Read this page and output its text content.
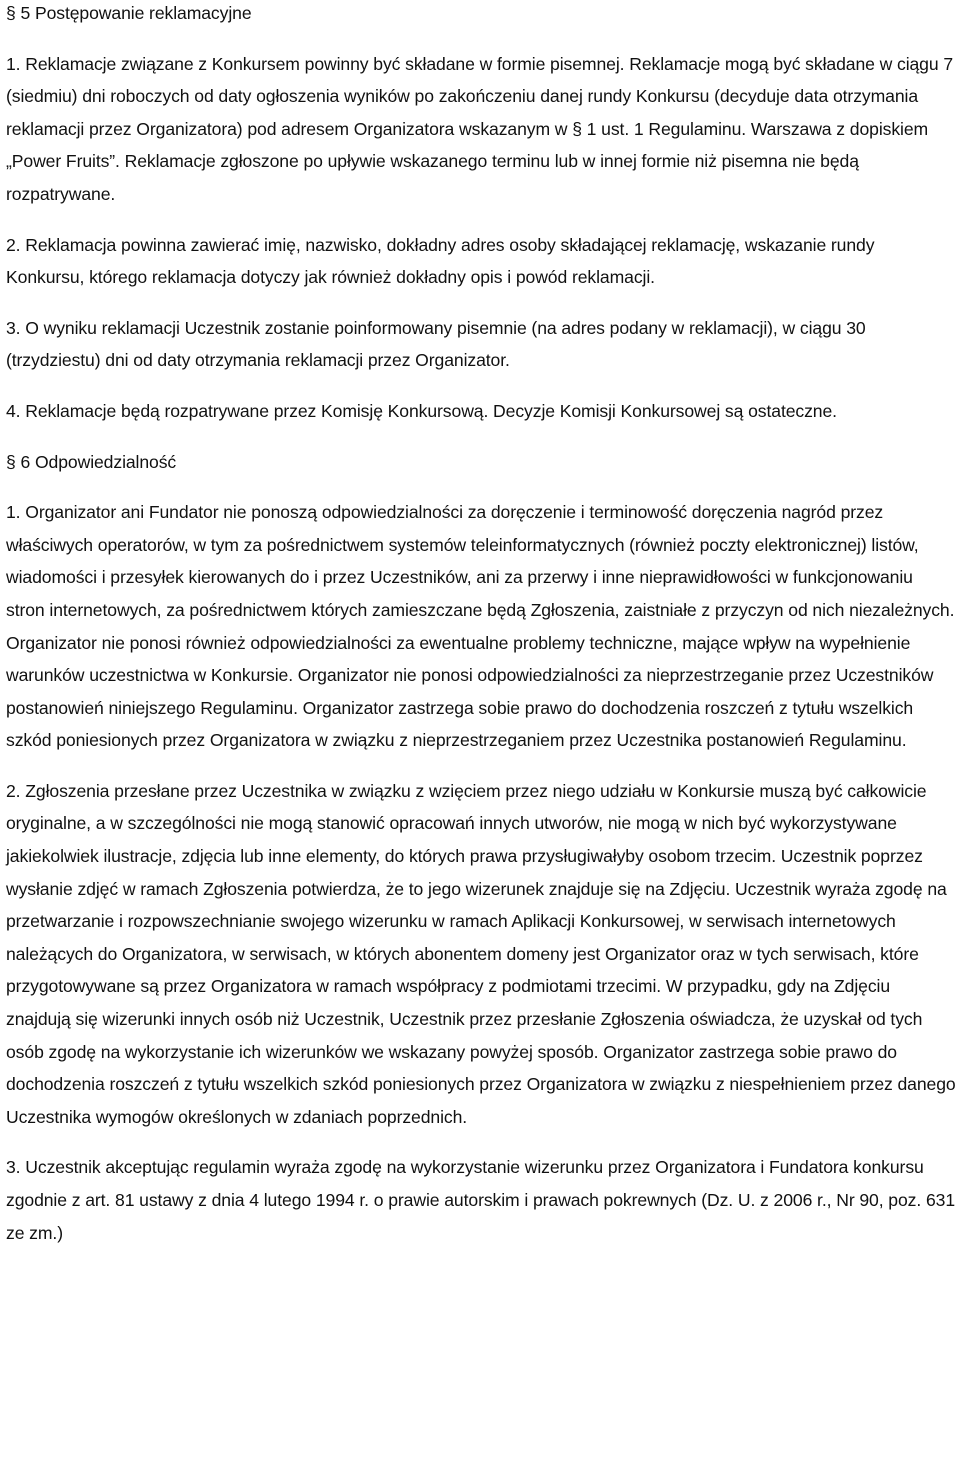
§ 5 Postępowanie reklamacyjne

1. Reklamacje związane z Konkursem powinny być składane w formie pisemnej. Reklamacje mogą być składane w ciągu 7 (siedmiu) dni roboczych od daty ogłoszenia wyników po zakończeniu danej rundy Konkursu (decyduje data otrzymania reklamacji przez Organizatora) pod adresem Organizatora wskazanym w § 1 ust. 1 Regulaminu. Warszawa z dopiskiem „Power Fruits”. Reklamacje zgłoszone po upływie wskazanego terminu lub w innej formie niż pisemna nie będą rozpatrywane.

2. Reklamacja powinna zawierać imię, nazwisko, dokładny adres osoby składającej reklamację, wskazanie rundy Konkursu, którego reklamacja dotyczy jak również dokładny opis i powód reklamacji.

3. O wyniku reklamacji Uczestnik zostanie poinformowany pisemnie (na adres podany w reklamacji), w ciągu 30 (trzydziestu) dni od daty otrzymania reklamacji przez Organizator.

4. Reklamacje będą rozpatrywane przez Komisję Konkursową. Decyzje Komisji Konkursowej są ostateczne.

§ 6 Odpowiedzialność

1. Organizator ani Fundator nie ponoszą odpowiedzialności za doręczenie i terminowość doręczenia nagród przez właściwych operatorów, w tym za pośrednictwem systemów teleinformatycznych (również poczty elektronicznej) listów, wiadomości i przesyłek kierowanych do i przez Uczestników, ani za przerwy i inne nieprawidłowości w funkcjonowaniu stron internetowych, za pośrednictwem których zamieszczane będą Zgłoszenia, zaistniałe z przyczyn od nich niezależnych. Organizator nie ponosi również odpowiedzialności za ewentualne problemy techniczne, mające wpływ na wypełnienie warunków uczestnictwa w Konkursie. Organizator nie ponosi odpowiedzialności za nieprzestrzeganie przez Uczestników postanowień niniejszego Regulaminu. Organizator zastrzega sobie prawo do dochodzenia roszczeń z tytułu wszelkich szkód poniesionych przez Organizatora w związku z nieprzestrzeganiem przez Uczestnika postanowień Regulaminu.

2. Zgłoszenia przesłane przez Uczestnika w związku z wzięciem przez niego udziału w Konkursie muszą być całkowicie oryginalne, a w szczególności nie mogą stanowić opracowań innych utworów, nie mogą w nich być wykorzystywane jakiekolwiek ilustracje, zdjęcia lub inne elementy, do których prawa przysługiwałyby osobom trzecim. Uczestnik poprzez wysłanie zdjęć w ramach Zgłoszenia potwierdza, że to jego wizerunek znajduje się na Zdjęciu. Uczestnik wyraża zgodę na przetwarzanie i rozpowszechnianie swojego wizerunku w ramach Aplikacji Konkursowej, w serwisach internetowych należących do Organizatora, w serwisach, w których abonentem domeny jest Organizator oraz w tych serwisach, które przygotowywane są przez Organizatora w ramach współpracy z podmiotami trzecimi. W przypadku, gdy na Zdjęciu znajdują się wizerunki innych osób niż Uczestnik, Uczestnik przez przesłanie Zgłoszenia oświadcza, że uzyskał od tych osób zgodę na wykorzystanie ich wizerunków we wskazany powyżej sposób. Organizator zastrzega sobie prawo do dochodzenia roszczeń z tytułu wszelkich szkód poniesionych przez Organizatora w związku z niespełnieniem przez danego Uczestnika wymogów określonych w zdaniach poprzednich.

3. Uczestnik akceptując regulamin wyraża zgodę na wykorzystanie wizerunku przez Organizatora i Fundatora konkursu zgodnie z art. 81 ustawy z dnia 4 lutego 1994 r. o prawie autorskim i prawach pokrewnych (Dz. U. z 2006 r., Nr 90, poz. 631 ze zm.)
